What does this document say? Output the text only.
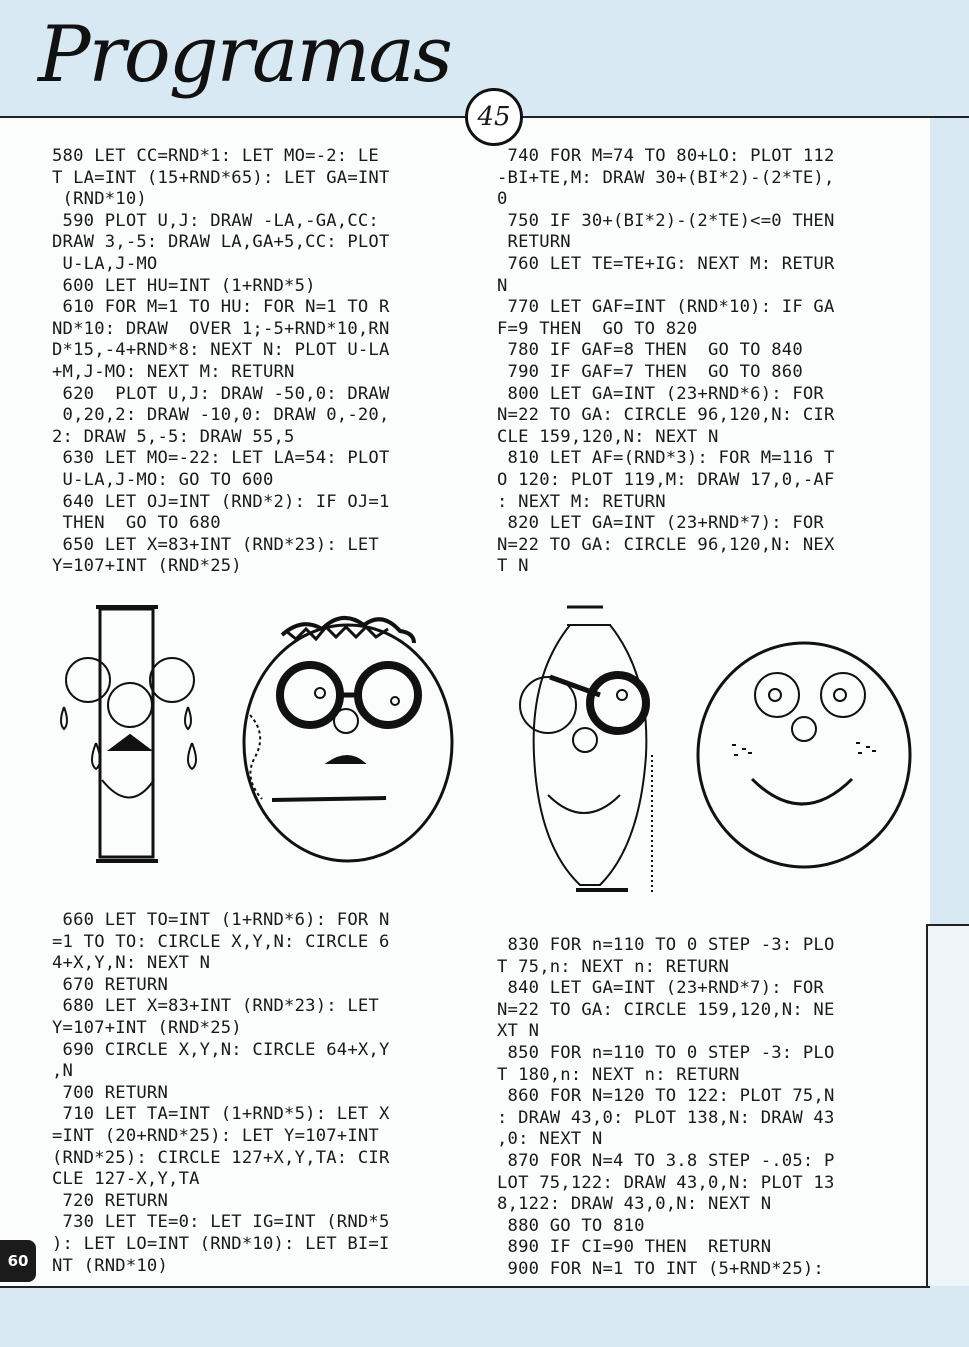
Programas
45
580 LET CC=RND*1: LET MO=-2: LE
T LA=INT (15+RND*65): LET GA=INT
(RND*10)
590 PLOT U,J: DRAW -LA,-GA,CC:
DRAW 3,-5: DRAW LA,GA+5,CC: PLOT
U-LA,J-MO
600 LET HU=INT (1+RND*5)
610 FOR M=1 TO HU: FOR N=1 TO R
ND*10: DRAW  OVER 1;-5+RND*10,RN
D*15,-4+RND*8: NEXT N: PLOT U-LA
+M,J-MO: NEXT M: RETURN
620  PLOT U,J: DRAW -50,0: DRAW
0,20,2: DRAW -10,0: DRAW 0,-20,
2: DRAW 5,-5: DRAW 55,5
630 LET MO=-22: LET LA=54: PLOT
U-LA,J-MO: GO TO 600
640 LET OJ=INT (RND*2): IF OJ=1
THEN  GO TO 680
650 LET X=83+INT (RND*23): LET
Y=107+INT (RND*25)
740 FOR M=74 TO 80+LO: PLOT 112
-BI+TE,M: DRAW 30+(BI*2)-(2*TE),
0
750 IF 30+(BI*2)-(2*TE)<=0 THEN
RETURN
760 LET TE=TE+IG: NEXT M: RETUR
N
770 LET GAF=INT (RND*10): IF GA
F=9 THEN  GO TO 820
780 IF GAF=8 THEN  GO TO 840
790 IF GAF=7 THEN  GO TO 860
800 LET GA=INT (23+RND*6): FOR
N=22 TO GA: CIRCLE 96,120,N: CIR
CLE 159,120,N: NEXT N
810 LET AF=(RND*3): FOR M=116 T
O 120: PLOT 119,M: DRAW 17,0,-AF
: NEXT M: RETURN
820 LET GA=INT (23+RND*7): FOR
N=22 TO GA: CIRCLE 96,120,N: NEX
T N
660 LET TO=INT (1+RND*6): FOR N
=1 TO TO: CIRCLE X,Y,N: CIRCLE 6
4+X,Y,N: NEXT N
670 RETURN
680 LET X=83+INT (RND*23): LET
Y=107+INT (RND*25)
690 CIRCLE X,Y,N: CIRCLE 64+X,Y
,N
700 RETURN
710 LET TA=INT (1+RND*5): LET X
=INT (20+RND*25): LET Y=107+INT
(RND*25): CIRCLE 127+X,Y,TA: CIR
CLE 127-X,Y,TA
720 RETURN
730 LET TE=0: LET IG=INT (RND*5
): LET LO=INT (RND*10): LET BI=I
NT (RND*10)
830 FOR n=110 TO 0 STEP -3: PLO
T 75,n: NEXT n: RETURN
840 LET GA=INT (23+RND*7): FOR
N=22 TO GA: CIRCLE 159,120,N: NE
XT N
850 FOR n=110 TO 0 STEP -3: PLO
T 180,n: NEXT n: RETURN
860 FOR N=120 TO 122: PLOT 75,N
: DRAW 43,0: PLOT 138,N: DRAW 43
,0: NEXT N
870 FOR N=4 TO 3.8 STEP -.05: P
LOT 75,122: DRAW 43,0,N: PLOT 13
8,122: DRAW 43,0,N: NEXT N
880 GO TO 810
890 IF CI=90 THEN  RETURN
900 FOR N=1 TO INT (5+RND*25):
60
